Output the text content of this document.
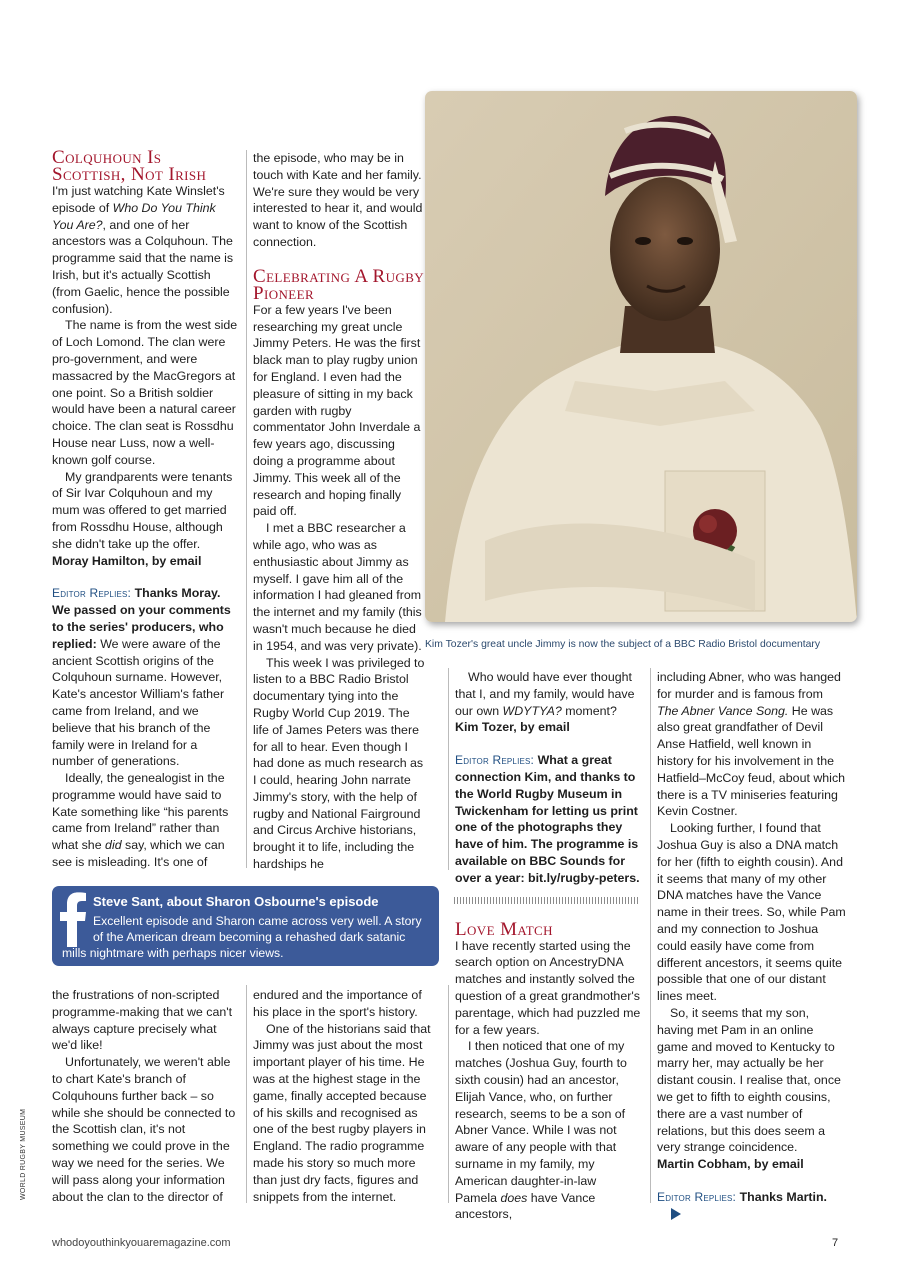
Colquhoun Is Scottish, Not Irish

I'm just watching Kate Winslet's episode of Who Do You Think You Are?, and one of her ancestors was a Colquhoun. The programme said that the name is Irish, but it's actually Scottish (from Gaelic, hence the possible confusion).

The name is from the west side of Loch Lomond. The clan were pro-government, and were massacred by the MacGregors at one point. So a British soldier would have been a natural career choice. The clan seat is Rossdhu House near Luss, now a well-known golf course.

My grandparents were tenants of Sir Ivar Colquhoun and my mum was offered to get married from Rossdhu House, although she didn't take up the offer.

Moray Hamilton, by email

Editor Replies: Thanks Moray. We passed on your comments to the series' producers, who replied: We were aware of the ancient Scottish origins of the Colquhoun surname. However, Kate's ancestor William's father came from Ireland, and we believe that his branch of the family were in Ireland for a number of generations.

Ideally, the genealogist in the programme would have said to Kate something like “his parents came from Ireland” rather than what she did say, which we can see is misleading. It's one of

the episode, who may be in touch with Kate and her family. We're sure they would be very interested to hear it, and would want to know of the Scottish connection.

Celebrating A Rugby Pioneer

For a few years I've been researching my great uncle Jimmy Peters. He was the first black man to play rugby union for England. I even had the pleasure of sitting in my back garden with rugby commentator John Inverdale a few years ago, discussing doing a programme about Jimmy. This week all of the research and hoping finally paid off.

I met a BBC researcher a while ago, who was as enthusiastic about Jimmy as myself. I gave him all of the information I had gleaned from the internet and my family (this wasn't much because he died in 1954, and was very private).

This week I was privileged to listen to a BBC Radio Bristol documentary tying into the Rugby World Cup 2019. The life of James Peters was there for all to hear. Even though I had done as much research as I could, hearing John narrate Jimmy's story, with the help of rugby and National Fairground and Circus Archive historians, brought it to life, including the hardships he

Kim Tozer's great uncle Jimmy is now the subject of a BBC Radio Bristol documentary

Who would have ever thought that I, and my family, would have our own WDYTYA? moment?

Kim Tozer, by email

Editor Replies: What a great connection Kim, and thanks to the World Rugby Museum in Twickenham for letting us print one of the photographs they have of him. The programme is available on BBC Sounds for over a year: bit.ly/rugby-peters.

Love Match

I have recently started using the search option on AncestryDNA matches and instantly solved the question of a great grandmother's parentage, which had puzzled me for a few years.

I then noticed that one of my matches (Joshua Guy, fourth to sixth cousin) had an ancestor, Elijah Vance, who, on further research, seems to be a son of Abner Vance. While I was not aware of any people with that surname in my family, my American daughter-in-law Pamela does have Vance ancestors,

including Abner, who was hanged for murder and is famous from The Abner Vance Song. He was also great grandfather of Devil Anse Hatfield, well known in history for his involvement in the Hatfield–McCoy feud, about which there is a TV miniseries featuring Kevin Costner.

Looking further, I found that Joshua Guy is also a DNA match for her (fifth to eighth cousin). And it seems that many of my other DNA matches have the Vance name in their trees. So, while Pam and my connection to Joshua could easily have come from different ancestors, it seems quite possible that one of our distant lines meet.

So, it seems that my son, having met Pam in an online game and moved to Kentucky to marry her, may actually be her distant cousin. I realise that, once we get to fifth to eighth cousins, there are a vast number of relations, but this does seem a very strange coincidence.

Martin Cobham, by email

Editor Replies: Thanks Martin.

Steve Sant, about Sharon Osbourne's episode
Excellent episode and Sharon came across very well. A story
of the American dream becoming a rehashed dark satanic
mills nightmare with perhaps nicer views.

the frustrations of non-scripted programme-making that we can't always capture precisely what we'd like!

Unfortunately, we weren't able to chart Kate's branch of Colquhouns further back – so while she should be connected to the Scottish clan, it's not something we could prove in the way we need for the series. We will pass along your information about the clan to the director of

endured and the importance of his place in the sport's history.

One of the historians said that Jimmy was just about the most important player of his time. He was at the highest stage in the game, finally accepted because of his skills and recognised as one of the best rugby players in England. The radio programme made his story so much more than just dry facts, figures and snippets from the internet.

WORLD RUGBY MUSEUM
whodoyouthinkyouaremagazine.com	7
